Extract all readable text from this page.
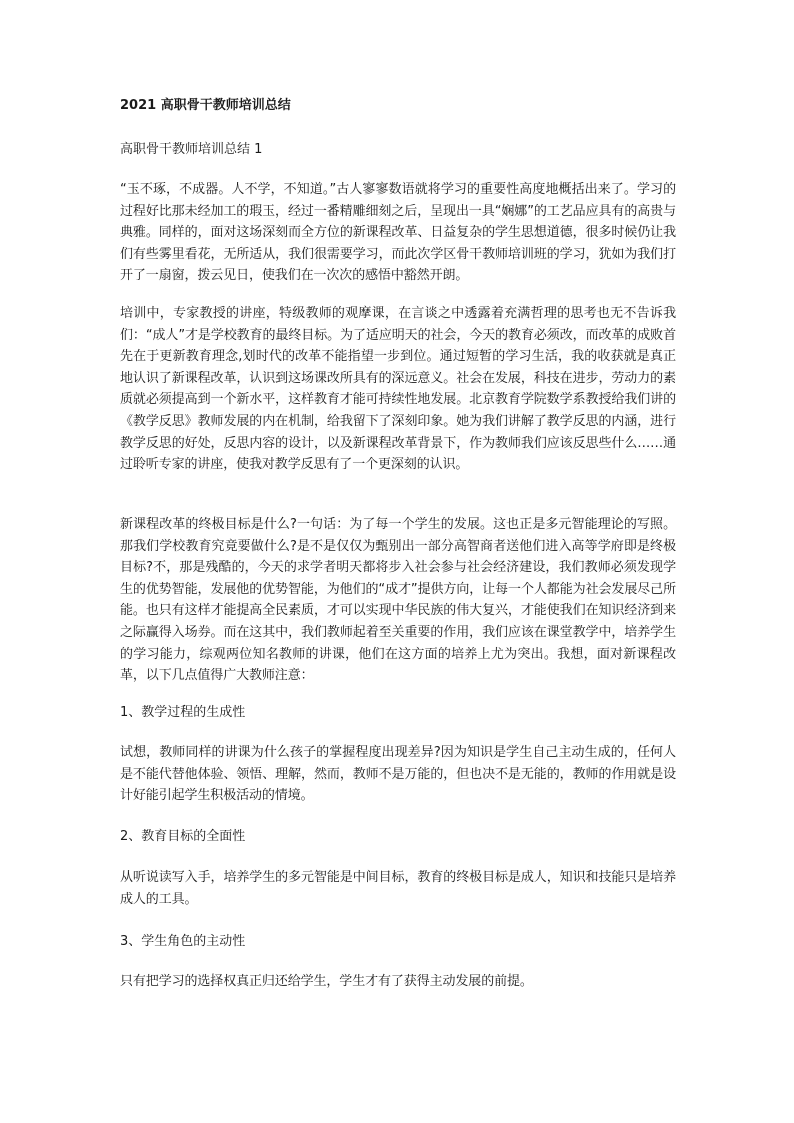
2021 高职骨干教师培训总结
高职骨干教师培训总结 1

“玉不琢，不成器。人不学，不知道。”古人寥寥数语就将学习的重要性高度地概括出来了。学习的过程好比那未经加工的瑕玉，经过一番精雕细刻之后，呈现出一具“娴娜”的工艺品应具有的高贵与典雅。同样的，面对这场深刻而全方位的新课程改革、日益复杂的学生思想道德，很多时候仍让我们有些雾里看花，无所适从，我们很需要学习，而此次学区骨干教师培训班的学习，犹如为我们打开了一扇窗，拨云见日，使我们在一次次的感悟中豁然开朗。

培训中，专家教授的讲座，特级教师的观摩课，在言谈之中透露着充满哲理的思考也无不告诉我们：“成人”才是学校教育的最终目标。为了适应明天的社会，今天的教育必须改，而改革的成败首先在于更新教育理念,划时代的改革不能指望一步到位。通过短暂的学习生活，我的收获就是真正地认识了新课程改革，认识到这场课改所具有的深远意义。社会在发展，科技在进步，劳动力的素质就必须提高到一个新水平，这样教育才能可持续性地发展。北京教育学院数学系教授给我们讲的《教学反思》教师发展的内在机制，给我留下了深刻印象。她为我们讲解了教学反思的内涵，进行教学反思的好处，反思内容的设计，以及新课程改革背景下，作为教师我们应该反思些什么……通过聆听专家的讲座，使我对教学反思有了一个更深刻的认识。

新课程改革的终极目标是什么?一句话：为了每一个学生的发展。这也正是多元智能理论的写照。那我们学校教育究竟要做什么?是不是仅仅为甄别出一部分高智商者送他们进入高等学府即是终极目标?不，那是残酷的，今天的求学者明天都将步入社会参与社会经济建设，我们教师必须发现学生的优势智能，发展他的优势智能，为他们的“成才”提供方向，让每一个人都能为社会发展尽己所能。也只有这样才能提高全民素质，才可以实现中华民族的伟大复兴，才能使我们在知识经济到来之际赢得入场券。而在这其中，我们教师起着至关重要的作用，我们应该在课堂教学中，培养学生的学习能力，综观两位知名教师的讲课，他们在这方面的培养上尤为突出。我想，面对新课程改革，以下几点值得广大教师注意：

1、教学过程的生成性

试想，教师同样的讲课为什么孩子的掌握程度出现差异?因为知识是学生自己主动生成的，任何人是不能代替他体验、领悟、理解，然而，教师不是万能的，但也决不是无能的，教师的作用就是设计好能引起学生积极活动的情境。

2、教育目标的全面性

从听说读写入手，培养学生的多元智能是中间目标，教育的终极目标是成人，知识和技能只是培养成人的工具。

3、学生角色的主动性

只有把学习的选择权真正归还给学生，学生才有了获得主动发展的前提。
